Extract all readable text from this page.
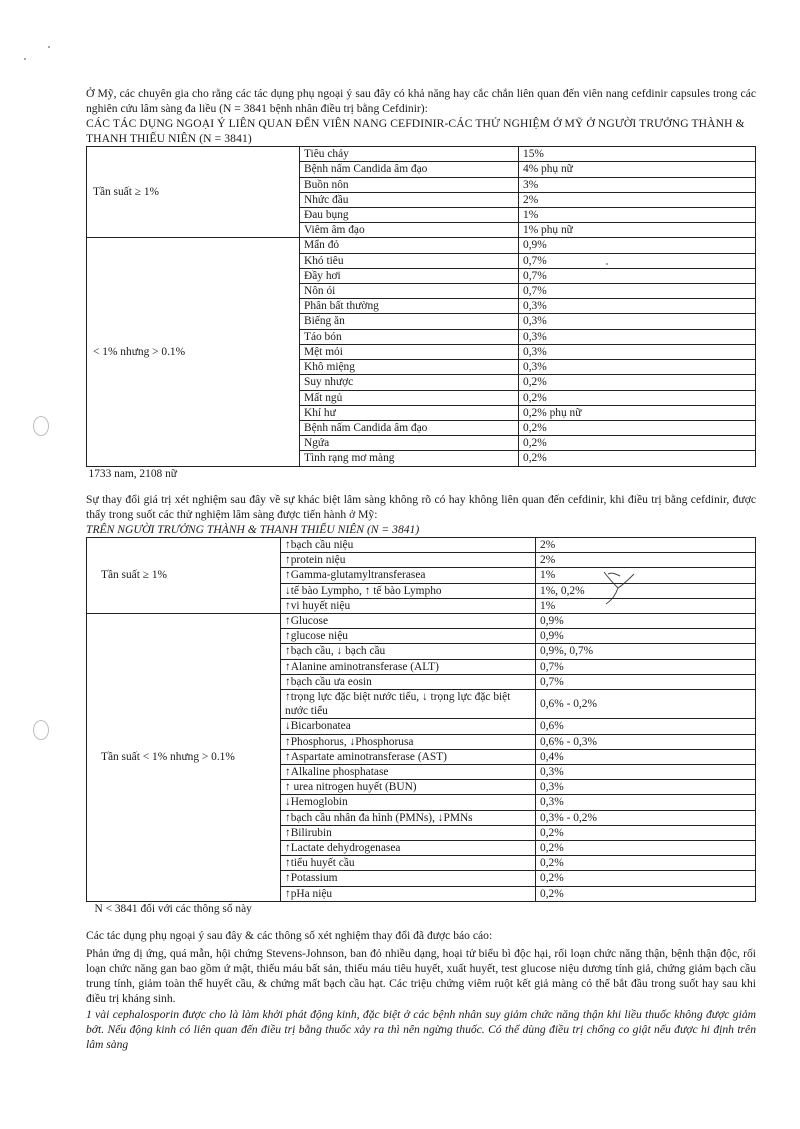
Ở Mỹ, các chuyên gia cho rằng các tác dụng phụ ngoại ý sau đây có khả năng hay cắc chắn liên quan đến viên nang cefdinir capsules trong các nghiên cứu lâm sàng đa liều (N = 3841 bệnh nhân điều trị bằng Cefdinir):

CÁC TÁC DỤNG NGOẠI Ý LIÊN QUAN ĐẾN VIÊN NANG CEFDINIR-CÁC THỬ NGHIỆM Ở MỸ Ở NGƯỜI TRƯỞNG THÀNH & THANH THIẾU NIÊN (N = 3841)

Tần suất ≥ 1%	Tiêu chảy	15%
	Bệnh nấm Candida âm đạo	4% phụ nữ
	Buồn nôn	3%
	Nhức đầu	2%
	Đau bụng	1%
	Viêm âm đạo	1% phụ nữ
< 1% nhưng > 0.1%	Mẩn đỏ	0,9%
	Khó tiêu	0,7%
	Đầy hơi	0,7%
	Nôn ói	0,7%
	Phân bất thường	0,3%
	Biếng ăn	0,3%
	Táo bón	0,3%
	Mệt mỏi	0,3%
	Khô miệng	0,3%
	Suy nhược	0,2%
	Mất ngủ	0,2%
	Khí hư	0,2% phụ nữ
	Bệnh nấm Candida âm đạo	0,2%
	Ngứa	0,2%
	Tình rạng mơ màng	0,2%
1733 nam, 2108 nữ		

Sự thay đổi giá trị xét nghiệm sau đây về sự khác biệt lâm sàng không rõ có hay không liên quan đến cefdinir, khi điều trị bằng cefdinir, được thấy trong suốt các thử nghiệm lâm sàng được tiến hành ở Mỹ:

TRÊN NGƯỜI TRƯỞNG THÀNH & THANH THIẾU NIÊN (N = 3841)

Tần suất ≥ 1%	↑bạch cầu niệu	2%
	↑protein niệu	2%
	↑Gamma-glutamyltransferasea	1%
	↓tế bào Lympho, ↑ tế bào Lympho	1%, 0,2%
	↑vi huyết niệu	1%
Tần suất < 1% nhưng > 0.1%	↑Glucose	0,9%
	↑glucose niệu	0,9%
	↑bạch cầu, ↓ bạch cầu	0,9%, 0,7%
	↑Alanine aminotransferase (ALT)	0,7%
	↑bạch cầu ưa eosin	0,7%
	↑trọng lực đặc biệt nước tiểu, ↓ trọng lực đặc biệt nước tiểu	0,6% - 0,2%
	↓Bicarbonatea	0,6%
	↑Phosphorus, ↓Phosphorusa	0,6% - 0,3%
	↑Aspartate aminotransferase (AST)	0,4%
	↑Alkaline phosphatase	0,3%
	↑ urea nitrogen huyết (BUN)	0,3%
	↓Hemoglobin	0,3%
	↑bạch cầu nhân đa hình (PMNs), ↓PMNs	0,3% - 0,2%
	↑Bilirubin	0,2%
	↑Lactate dehydrogenasea	0,2%
	↑tiểu huyết cầu	0,2%
	↑Potassium	0,2%
	↑pHa niệu	0,2%
N < 3841 đối với các thông số này		

Các tác dụng phụ ngoại ý sau đây & các thông số xét nghiệm thay đổi đã được báo cáo:

Phản ứng dị ứng, quá mẫn, hội chứng Stevens-Johnson, ban đỏ nhiều dạng, hoại tử biểu bì độc hại, rối loạn chức năng thận, bệnh thận độc, rối loạn chức năng gan bao gồm ứ mật, thiếu máu bất sản, thiếu máu tiêu huyết, xuất huyết, test glucose niệu dương tính giả, chứng giảm bạch cầu trung tính, giảm toàn thể huyết cầu, & chứng mất bạch cầu hạt. Các triệu chứng viêm ruột kết giả màng có thể bắt đầu trong suốt hay sau khi điều trị kháng sinh.

1 vài cephalosporin được cho là làm khởi phát động kinh, đặc biệt ở các bệnh nhân suy giảm chức năng thận khi liều thuốc không được giảm bớt. Nếu động kinh có liên quan đến điều trị bằng thuốc xảy ra thì nên ngừng thuốc. Có thể dùng điều trị chống co giật nếu được hi định trên lâm sàng
